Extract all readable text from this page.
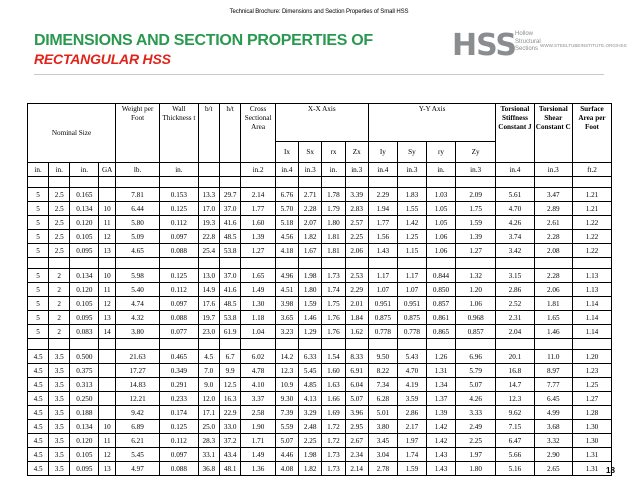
Technical Brochure: Dimensions and Section Properties of Small HSS
DIMENSIONS AND SECTION PROPERTIES OF
RECTANGULAR HSS	HSS Hollow
Structural
Sections
WWW.STEELTUBEINSTITUTE.ORG/HSS
Nominal Size				Weight per Foot	Wall Thickness t	b/t	h/t	Cross Sectional Area	X-X Axis				Y-Y Axis				Torsional Stiffness Constant J	Torsional Shear Constant C	Surface Area per Foot
									Ix	Sx	rx	Zx	Iy	Sy	ry	Zy			
in.	in.	in.	GA	lb.	in.			in.2	in.4	in.3	in.	in.3	in.4	in.3	in.	in.3	in.4	in.3	ft.2

5	2.5	0.165		7.81	0.153	13.3	29.7	2.14	6.76	2.71	1.78	3.39	2.29	1.83	1.03	2.09	5.61	3.47	1.21
5	2.5	0.134	10	6.44	0.125	17.0	37.0	1.77	5.70	2.28	1.79	2.83	1.94	1.55	1.05	1.75	4.70	2.89	1.21
5	2.5	0.120	11	5.80	0.112	19.3	41.6	1.60	5.18	2.07	1.80	2.57	1.77	1.42	1.05	1.59	4.26	2.61	1.22
5	2.5	0.105	12	5.09	0.097	22.8	48.5	1.39	4.56	1.82	1.81	2.25	1.56	1.25	1.06	1.39	3.74	2.28	1.22
5	2.5	0.095	13	4.65	0.088	25.4	53.8	1.27	4.18	1.67	1.81	2.06	1.43	1.15	1.06	1.27	3.42	2.08	1.22

5	2	0.134	10	5.98	0.125	13.0	37.0	1.65	4.96	1.98	1.73	2.53	1.17	1.17	0.844	1.32	3.15	2.28	1.13
5	2	0.120	11	5.40	0.112	14.9	41.6	1.49	4.51	1.80	1.74	2.29	1.07	1.07	0.850	1.20	2.86	2.06	1.13
5	2	0.105	12	4.74	0.097	17.6	48.5	1.30	3.98	1.59	1.75	2.01	0.951	0.951	0.857	1.06	2.52	1.81	1.14
5	2	0.095	13	4.32	0.088	19.7	53.8	1.18	3.65	1.46	1.76	1.84	0.875	0.875	0.861	0.968	2.31	1.65	1.14
5	2	0.083	14	3.80	0.077	23.0	61.9	1.04	3.23	1.29	1.76	1.62	0.778	0.778	0.865	0.857	2.04	1.46	1.14

4.5	3.5	0.500		21.63	0.465	4.5	6.7	6.02	14.2	6.33	1.54	8.33	9.50	5.43	1.26	6.96	20.1	11.0	1.20
4.5	3.5	0.375		17.27	0.349	7.0	9.9	4.78	12.3	5.45	1.60	6.91	8.22	4.70	1.31	5.79	16.8	8.97	1.23
4.5	3.5	0.313		14.83	0.291	9.0	12.5	4.10	10.9	4.85	1.63	6.04	7.34	4.19	1.34	5.07	14.7	7.77	1.25
4.5	3.5	0.250		12.21	0.233	12.0	16.3	3.37	9.30	4.13	1.66	5.07	6.28	3.59	1.37	4.26	12.3	6.45	1.27
4.5	3.5	0.188		9.42	0.174	17.1	22.9	2.58	7.39	3.29	1.69	3.96	5.01	2.86	1.39	3.33	9.62	4.99	1.28
4.5	3.5	0.134	10	6.89	0.125	25.0	33.0	1.90	5.59	2.48	1.72	2.95	3.80	2.17	1.42	2.49	7.15	3.68	1.30
4.5	3.5	0.120	11	6.21	0.112	28.3	37.2	1.71	5.07	2.25	1.72	2.67	3.45	1.97	1.42	2.25	6.47	3.32	1.30
4.5	3.5	0.105	12	5.45	0.097	33.1	43.4	1.49	4.46	1.98	1.73	2.34	3.04	1.74	1.43	1.97	5.66	2.90	1.31
4.5	3.5	0.095	13	4.97	0.088	36.8	48.1	1.36	4.08	1.82	1.73	2.14	2.78	1.59	1.43	1.80	5.16	2.65	1.31 18
